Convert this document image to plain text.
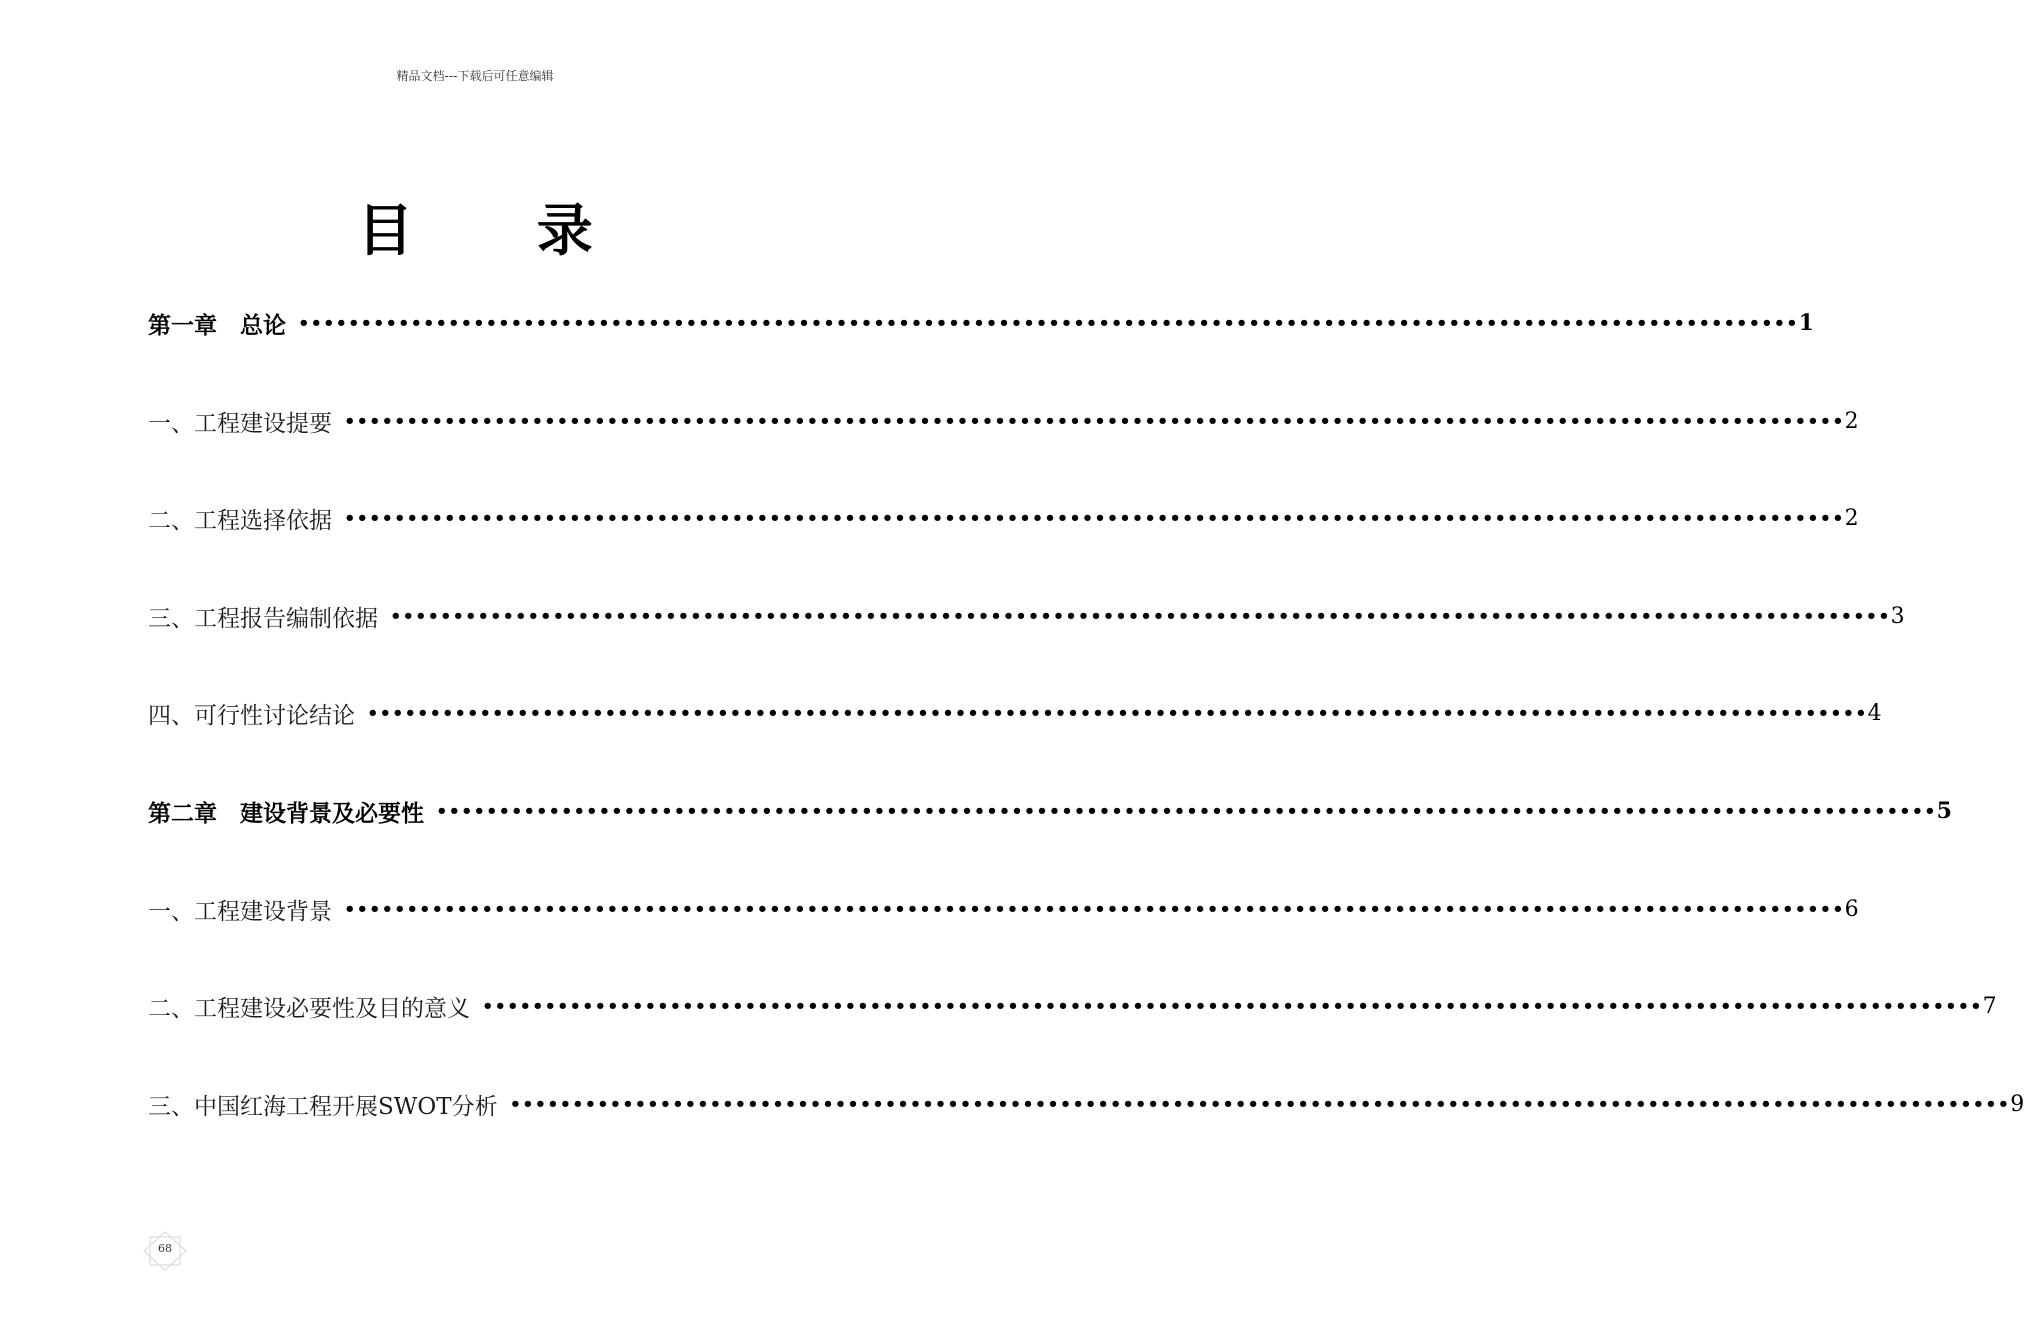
精品文档---下载后可任意编辑
目 录
第一章　总论 •••••••••••••••••••••••••••••••••••••••••••••••••••••••••••••••••••••••••••••••••••••••••••••••••••••••••••••••••••••••• 1
一、工程建设提要 •••••••••••••••••••••••••••••••••••••••••••••••••••••••••••••••••••••••••••••••••••••••••••••••••••••••••••••••••••••••• 2
二、工程选择依据 •••••••••••••••••••••••••••••••••••••••••••••••••••••••••••••••••••••••••••••••••••••••••••••••••••••••••••••••••••••••• 2
三、工程报告编制依据 •••••••••••••••••••••••••••••••••••••••••••••••••••••••••••••••••••••••••••••••••••••••••••••••••••••••••••••••••••••••• 3
四、可行性讨论结论 •••••••••••••••••••••••••••••••••••••••••••••••••••••••••••••••••••••••••••••••••••••••••••••••••••••••••••••••••••••••• 4
第二章　建设背景及必要性 •••••••••••••••••••••••••••••••••••••••••••••••••••••••••••••••••••••••••••••••••••••••••••••••••••••••••••••••••••••••• 5
一、工程建设背景 •••••••••••••••••••••••••••••••••••••••••••••••••••••••••••••••••••••••••••••••••••••••••••••••••••••••••••••••••••••••• 6
二、工程建设必要性及目的意义 •••••••••••••••••••••••••••••••••••••••••••••••••••••••••••••••••••••••••••••••••••••••••••••••••••••••••••••••••••••••• 7
三、中国红海工程开展SWOT分析 •••••••••••••••••••••••••••••••••••••••••••••••••••••••••••••••••••••••••••••••••••••••••••••••••••••••••••••••••••••••• 9
68
